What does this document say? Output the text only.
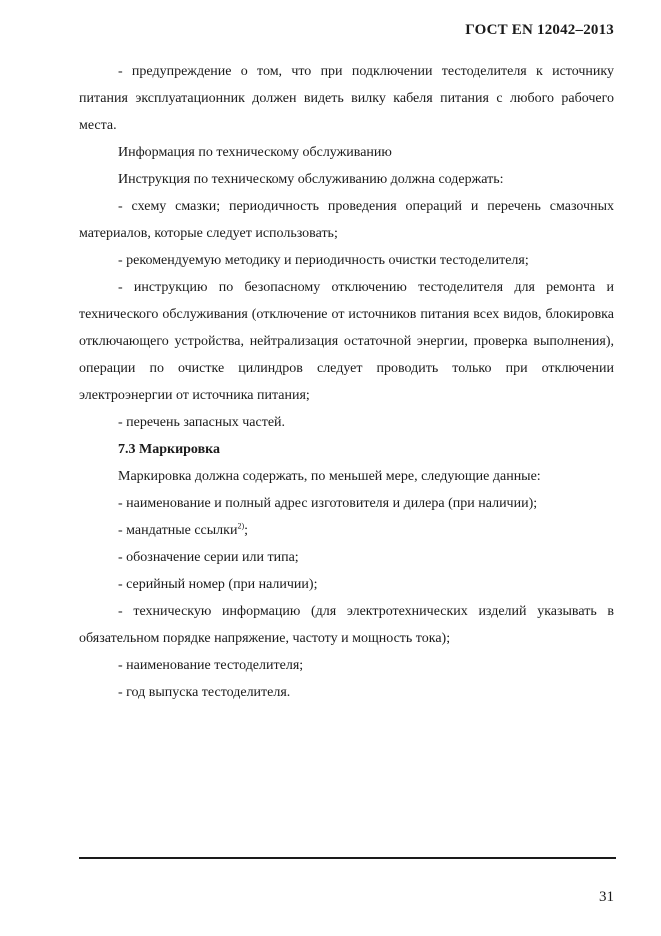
ГОСТ EN 12042–2013

- предупреждение о том, что при подключении тестоделителя к источнику питания эксплуатационник должен видеть вилку кабеля питания с любого рабочего места.

Информация по техническому обслуживанию

Инструкция по техническому обслуживанию должна содержать:

- схему смазки; периодичность проведения операций и перечень смазочных материалов, которые следует использовать;

- рекомендуемую методику и периодичность очистки тестоделителя;

- инструкцию по безопасному отключению тестоделителя для ремонта и технического обслуживания (отключение от источников питания всех видов, блокировка отключающего устройства, нейтрализация остаточной энергии, проверка выполнения), операции по очистке цилиндров следует проводить только при отключении электроэнергии от источника питания;

- перечень запасных частей.

7.3 Маркировка

Маркировка должна содержать, по меньшей мере, следующие данные:

- наименование и полный адрес изготовителя и дилера (при наличии);

- мандатные ссылки$^{2)}$;

- обозначение серии или типа;

- серийный номер (при наличии);

- техническую информацию (для электротехнических изделий указывать в обязательном порядке напряжение, частоту и мощность тока);

- наименование тестоделителя;

- год выпуска тестоделителя.

31
